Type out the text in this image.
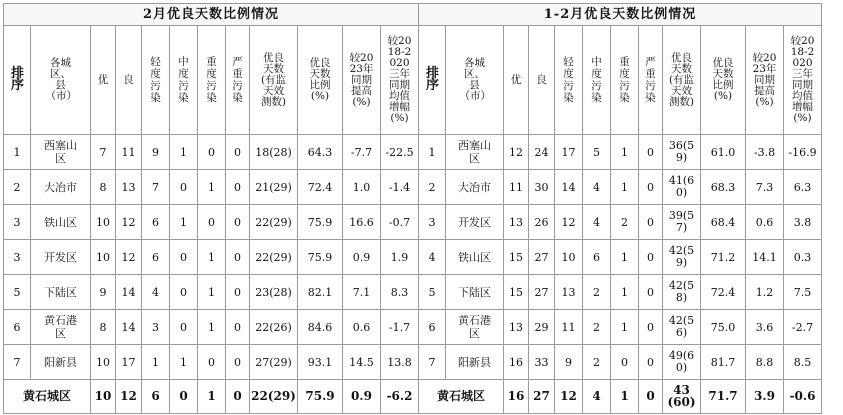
2月优良天数比例情况												1-2月优良天数比例情况											
排序	各城区、县（市）	优	良	轻度污染	中度污染	重度污染	严重污染	优良天数(有监天效测数)	优良天数比例(%)	较2023年同期提高(%)	较2018-2020三年同期均值增幅(%)	排序	各城区、县（市）	优	良	轻度污染	中度污染	重度污染	严重污染	优良天数(有监天效测数)	优良天数比例(%)	较2023年同期提高(%)	较2018-2020三年同期均值增幅(%)
1	西塞山区	7	11	9	1	0	0	18(28)	64.3	-7.7	-22.5	1	西塞山区	12	24	17	5	1	0	36(59)	61.0	-3.8	-16.9
2	大冶市	8	13	7	0	1	0	21(29)	72.4	1.0	-1.4	2	大冶市	11	30	14	4	1	0	41(60)	68.3	7.3	6.3
3	铁山区	10	12	6	1	0	0	22(29)	75.9	16.6	-0.7	3	开发区	13	26	12	4	2	0	39(57)	68.4	0.6	3.8
3	开发区	10	12	6	0	1	0	22(29)	75.9	0.9	1.9	4	铁山区	15	27	10	6	1	0	42(59)	71.2	14.1	0.3
5	下陆区	9	14	4	0	1	0	23(28)	82.1	7.1	8.3	5	下陆区	15	27	13	2	1	0	42(58)	72.4	1.2	7.5
6	黄石港区	8	14	3	0	1	0	22(26)	84.6	0.6	-1.7	6	黄石港区	13	29	11	2	1	0	42(56)	75.0	3.6	-2.7
7	阳新县	10	17	1	1	0	0	27(29)	93.1	14.5	13.8	7	阳新县	16	33	9	2	0	0	49(60)	81.7	8.8	8.5
黄石城区		10	12	6	0	1	0	22(29)	75.9	0.9	-6.2	黄石城区		16	27	12	4	1	0	43(60)	71.7	3.9	-0.6
